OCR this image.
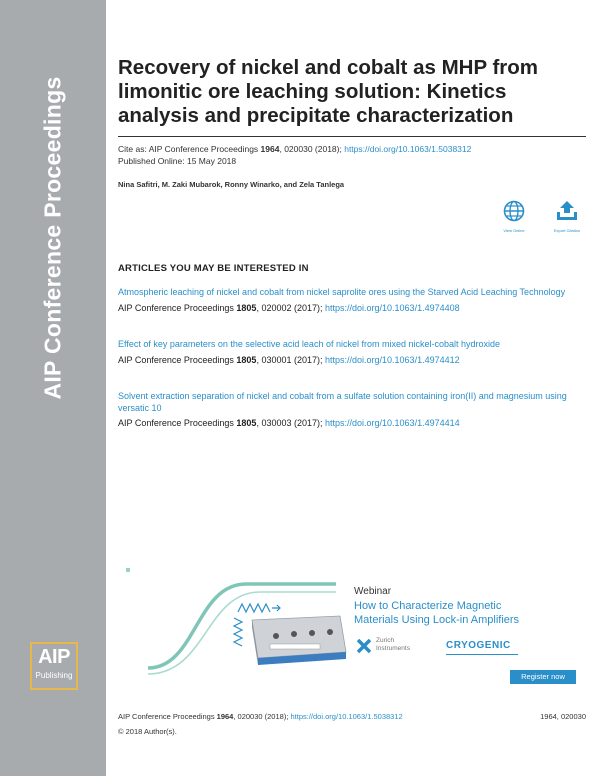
AIP Conference Proceedings
AIP
Publishing
Recovery of nickel and cobalt as MHP from limonitic ore leaching solution: Kinetics analysis and precipitate characterization
Cite as: AIP Conference Proceedings 1964, 020030 (2018); https://doi.org/10.1063/1.5038312
Published Online: 15 May 2018
Nina Safitri, M. Zaki Mubarok, Ronny Winarko, and Zela Tanlega
View Online	Export Citation
ARTICLES YOU MAY BE INTERESTED IN
Atmospheric leaching of nickel and cobalt from nickel saprolite ores using the Starved Acid Leaching Technology
AIP Conference Proceedings 1805, 020002 (2017); https://doi.org/10.1063/1.4974408
Effect of key parameters on the selective acid leach of nickel from mixed nickel-cobalt hydroxide
AIP Conference Proceedings 1805, 030001 (2017); https://doi.org/10.1063/1.4974412
Solvent extraction separation of nickel and cobalt from a sulfate solution containing iron(II) and magnesium using versatic 10
AIP Conference Proceedings 1805, 030003 (2017); https://doi.org/10.1063/1.4974414
Webinar
How to Characterize Magnetic
Materials Using Lock-in Amplifiers
Zurich
Instruments	CRYOGENIC
Register now
AIP Conference Proceedings 1964, 020030 (2018); https://doi.org/10.1063/1.5038312	1964, 020030
© 2018 Author(s).
